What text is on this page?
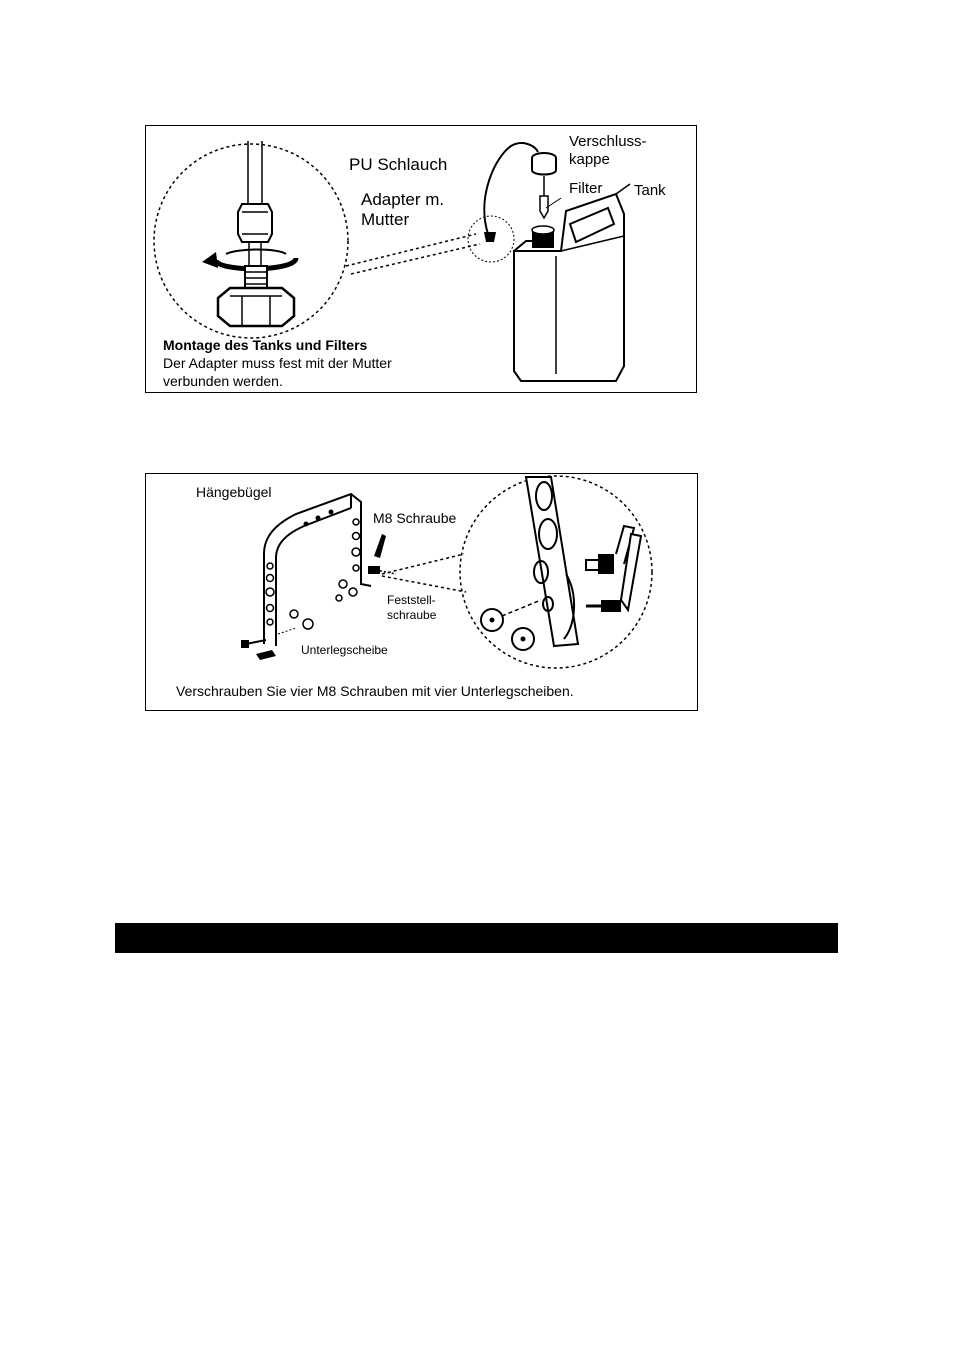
PU Schlauch
Verschluss-
kappe
Filter Tank
Adapter m.
Mutter
Montage des Tanks und Filters
Der Adapter muss fest mit der Mutter
verbunden werden.
Hängebügel
M8 Schraube
Feststell-
schraube
Unterlegscheibe
Verschrauben Sie vier M8 Schrauben mit vier Unterlegscheiben.
